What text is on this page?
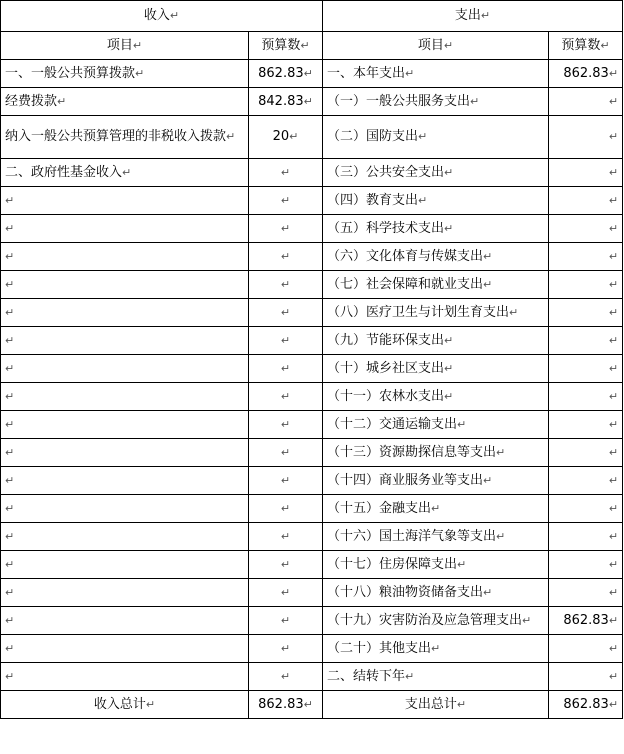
收入↵		支出↵	
项目↵	预算数↵	项目↵	预算数↵
一、一般公共预算拨款↵	862.83↵	一、本年支出↵	862.83↵
经费拨款↵	842.83↵	（一）一般公共服务支出↵	↵
纳入一般公共预算管理的非税收入拨款↵	20↵	（二）国防支出↵	↵
二、政府性基金收入↵	↵	（三）公共安全支出↵	↵
↵	↵	（四）教育支出↵	↵
↵	↵	（五）科学技术支出↵	↵
↵	↵	（六）文化体育与传媒支出↵	↵
↵	↵	（七）社会保障和就业支出↵	↵
↵	↵	（八）医疗卫生与计划生育支出↵	↵
↵	↵	（九）节能环保支出↵	↵
↵	↵	（十）城乡社区支出↵	↵
↵	↵	（十一）农林水支出↵	↵
↵	↵	（十二）交通运输支出↵	↵
↵	↵	（十三）资源勘探信息等支出↵	↵
↵	↵	（十四）商业服务业等支出↵	↵
↵	↵	（十五）金融支出↵	↵
↵	↵	（十六）国土海洋气象等支出↵	↵
↵	↵	（十七）住房保障支出↵	↵
↵	↵	（十八）粮油物资储备支出↵	↵
↵	↵	（十九）灾害防治及应急管理支出↵	862.83↵
↵	↵	（二十）其他支出↵	↵
↵	↵	二、结转下年↵	↵
收入总计↵	862.83↵	支出总计↵	862.83↵
